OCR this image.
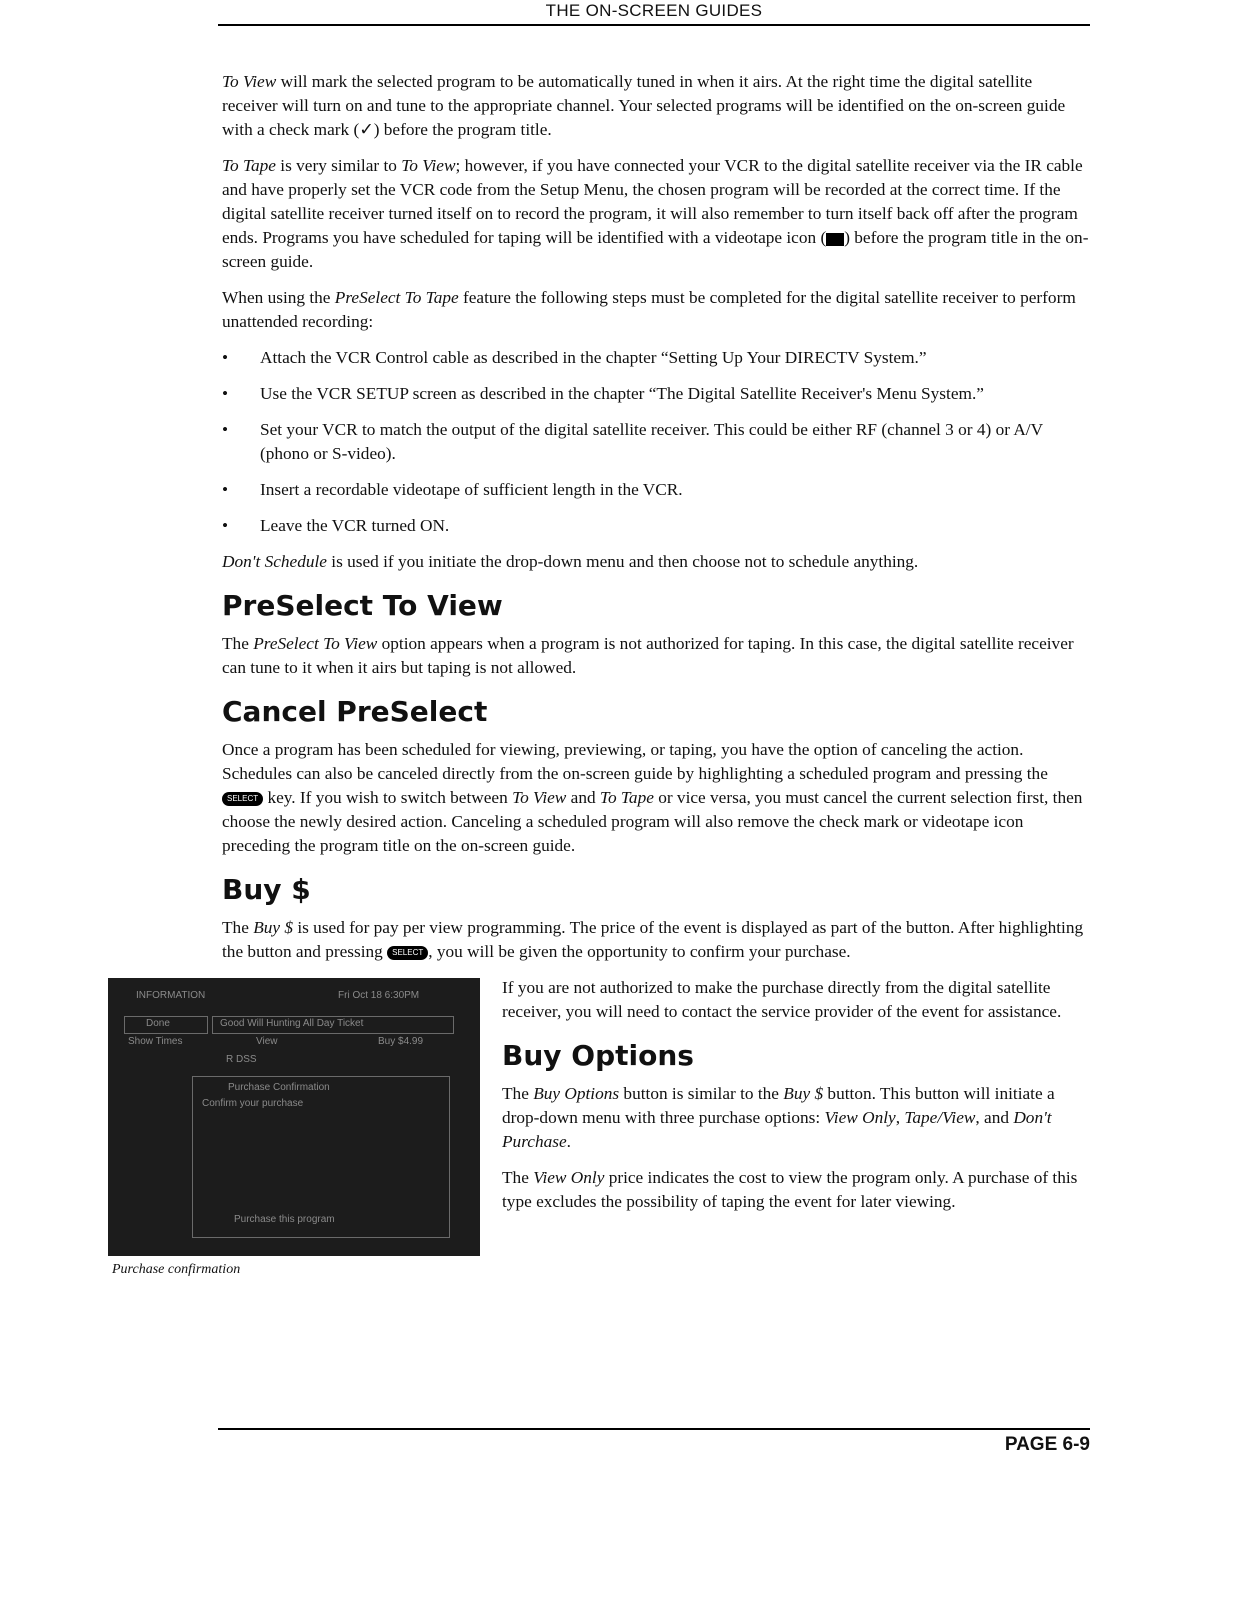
THE ON-SCREEN GUIDES

To View will mark the selected program to be automatically tuned in when it airs. At the right time the digital satellite receiver will turn on and tune to the appropriate channel. Your selected programs will be identified on the on-screen guide with a check mark (✓) before the program title.

To Tape is very similar to To View; however, if you have connected your VCR to the digital satellite receiver via the IR cable and have properly set the VCR code from the Setup Menu, the chosen program will be recorded at the correct time. If the digital satellite receiver turned itself on to record the program, it will also remember to turn itself back off after the program ends. Programs you have scheduled for taping will be identified with a videotape icon ( ) before the program title in the on-screen guide.

When using the PreSelect To Tape feature the following steps must be completed for the digital satellite receiver to perform unattended recording:

• Attach the VCR Control cable as described in the chapter “Setting Up Your DIRECTV System.”
• Use the VCR SETUP screen as described in the chapter “The Digital Satellite Receiver's Menu System.”
• Set your VCR to match the output of the digital satellite receiver. This could be either RF (channel 3 or 4) or A/V (phono or S-video).
• Insert a recordable videotape of sufficient length in the VCR.
• Leave the VCR turned ON.

Don't Schedule is used if you initiate the drop-down menu and then choose not to schedule anything.

PreSelect To View

The PreSelect To View option appears when a program is not authorized for taping. In this case, the digital satellite receiver can tune to it when it airs but taping is not allowed.

Cancel PreSelect

Once a program has been scheduled for viewing, previewing, or taping, you have the option of canceling the action. Schedules can also be canceled directly from the on-screen guide by highlighting a scheduled program and pressing the SELECT key. If you wish to switch between To View and To Tape or vice versa, you must cancel the current selection first, then choose the newly desired action. Canceling a scheduled program will also remove the check mark or videotape icon preceding the program title on the on-screen guide.

Buy $

The Buy $ is used for pay per view programming. The price of the event is displayed as part of the button. After highlighting the button and pressing SELECT , you will be given the opportunity to confirm your purchase.

INFORMATION	Fri Oct 18 6:30PM
Done
Show Times
Good Will Hunting All Day Ticket
View	Buy $4.99
R DSS
Purchase Confirmation
Confirm your purchase
Purchase this program
Purchase confirmation

If you are not authorized to make the purchase directly from the digital satellite receiver, you will need to contact the service provider of the event for assistance.

Buy Options

The Buy Options button is similar to the Buy $ button. This button will initiate a drop-down menu with three purchase options: View Only, Tape/View, and Don't Purchase.

The View Only price indicates the cost to view the program only. A purchase of this type excludes the possibility of taping the event for later viewing.

PAGE 6-9
